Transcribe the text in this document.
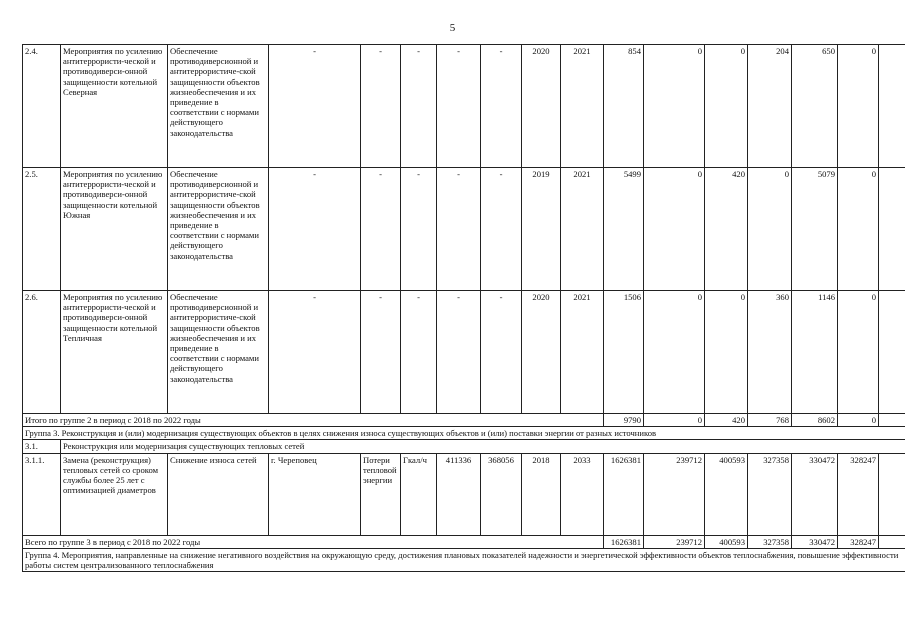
5
2.4.	Мероприятия по усилению антитеррористи-ческой и противодиверси-онной защищенности котельной Северная	Обеспечение противодиверсионной и антитеррористиче-ской защищенности объектов жизнеобеспечения и их приведение в соответствии с нормами действующего законодательства	-	-	-	-	-	2020	2021	854	0	0	204	650	0	
2.5.	Мероприятия по усилению антитеррористи-ческой и противодиверси-онной защищенности котельной Южная	Обеспечение противодиверсионной и антитеррористиче-ской защищенности объектов жизнеобеспечения и их приведение в соответствии с нормами действующего законодательства	-	-	-	-	-	2019	2021	5499	0	420	0	5079	0	
2.6.	Мероприятия по усилению антитеррористи-ческой и противодиверси-онной защищенности котельной Тепличная	Обеспечение противодиверсионной и антитеррористиче-ской защищенности объектов жизнеобеспечения и их приведение в соответствии с нормами действующего законодательства	-	-	-	-	-	2020	2021	1506	0	0	360	1146	0	
Итого по группе 2 в период с 2018 по 2022 годы										9790	0	420	768	8602	0	
Группа 3. Реконструкция и (или) модернизация существующих объектов в целях снижения износа существующих объектов и (или) поставки энергии от разных источников																
3.1.	Реконструкция или модернизация существующих тепловых сетей															
3.1.1.	Замена (реконструкция) тепловых сетей со сроком службы более 25 лет с оптимизацией диаметров	Снижение износа сетей	г. Череповец	Потери тепловой энергии	Гкал/ч	411336	368056	2018	2033	1626381	239712	400593	327358	330472	328247	
Всего по группе 3 в период с 2018 по 2022 годы										1626381	239712	400593	327358	330472	328247	
Группа 4. Мероприятия, направленные на снижение негативного воздействия на окружающую среду, достижения плановых показателей надежности и энергетической эффективности объектов теплоснабжения, повышение эффективности работы систем централизованного теплоснабжения																
